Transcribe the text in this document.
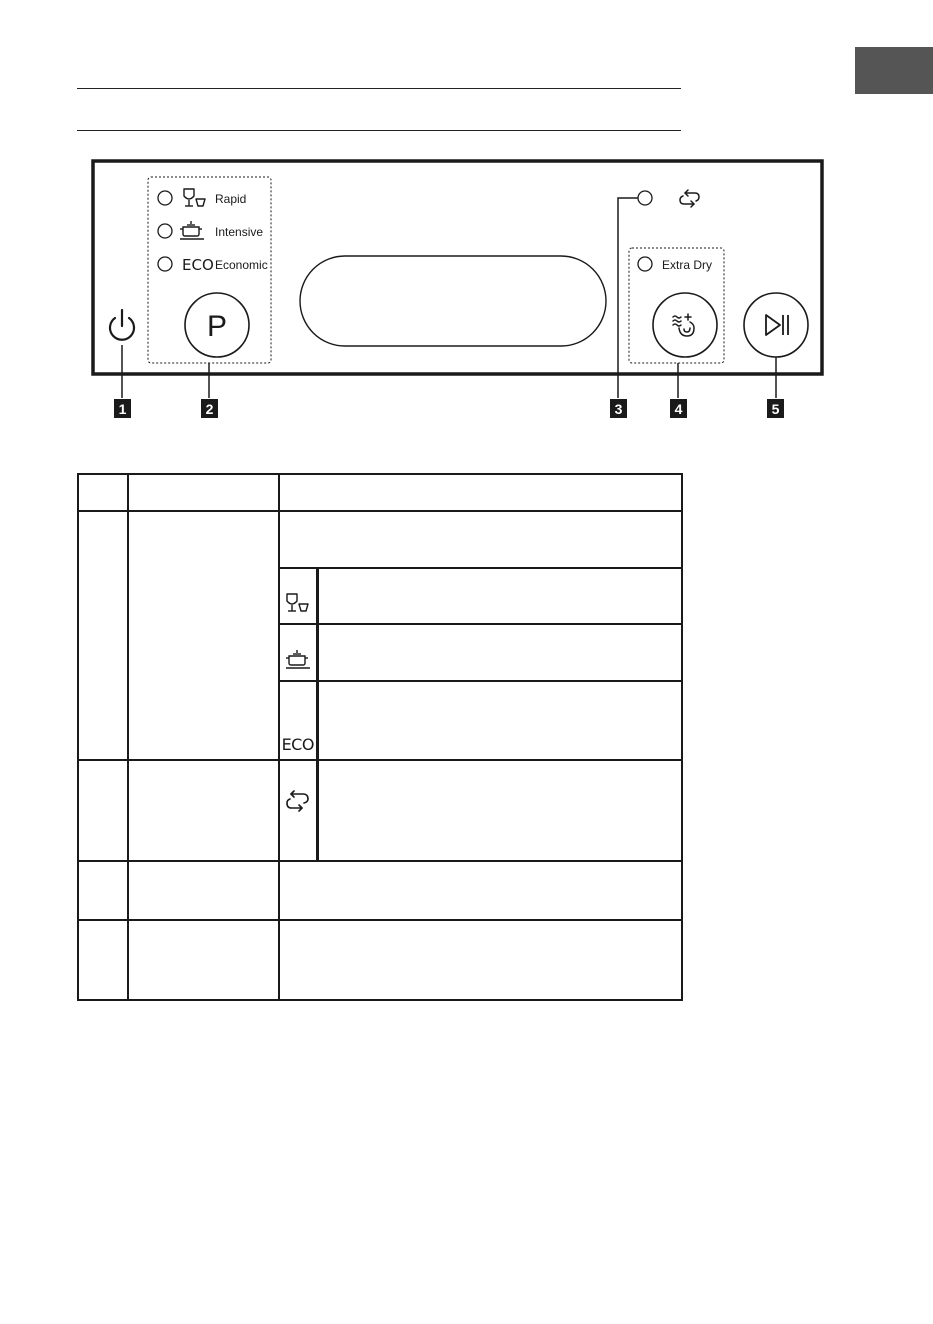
ECO
Rapid
Intensive
Economic
P
Extra Dry
1	2	3	4	5

		ECO	
